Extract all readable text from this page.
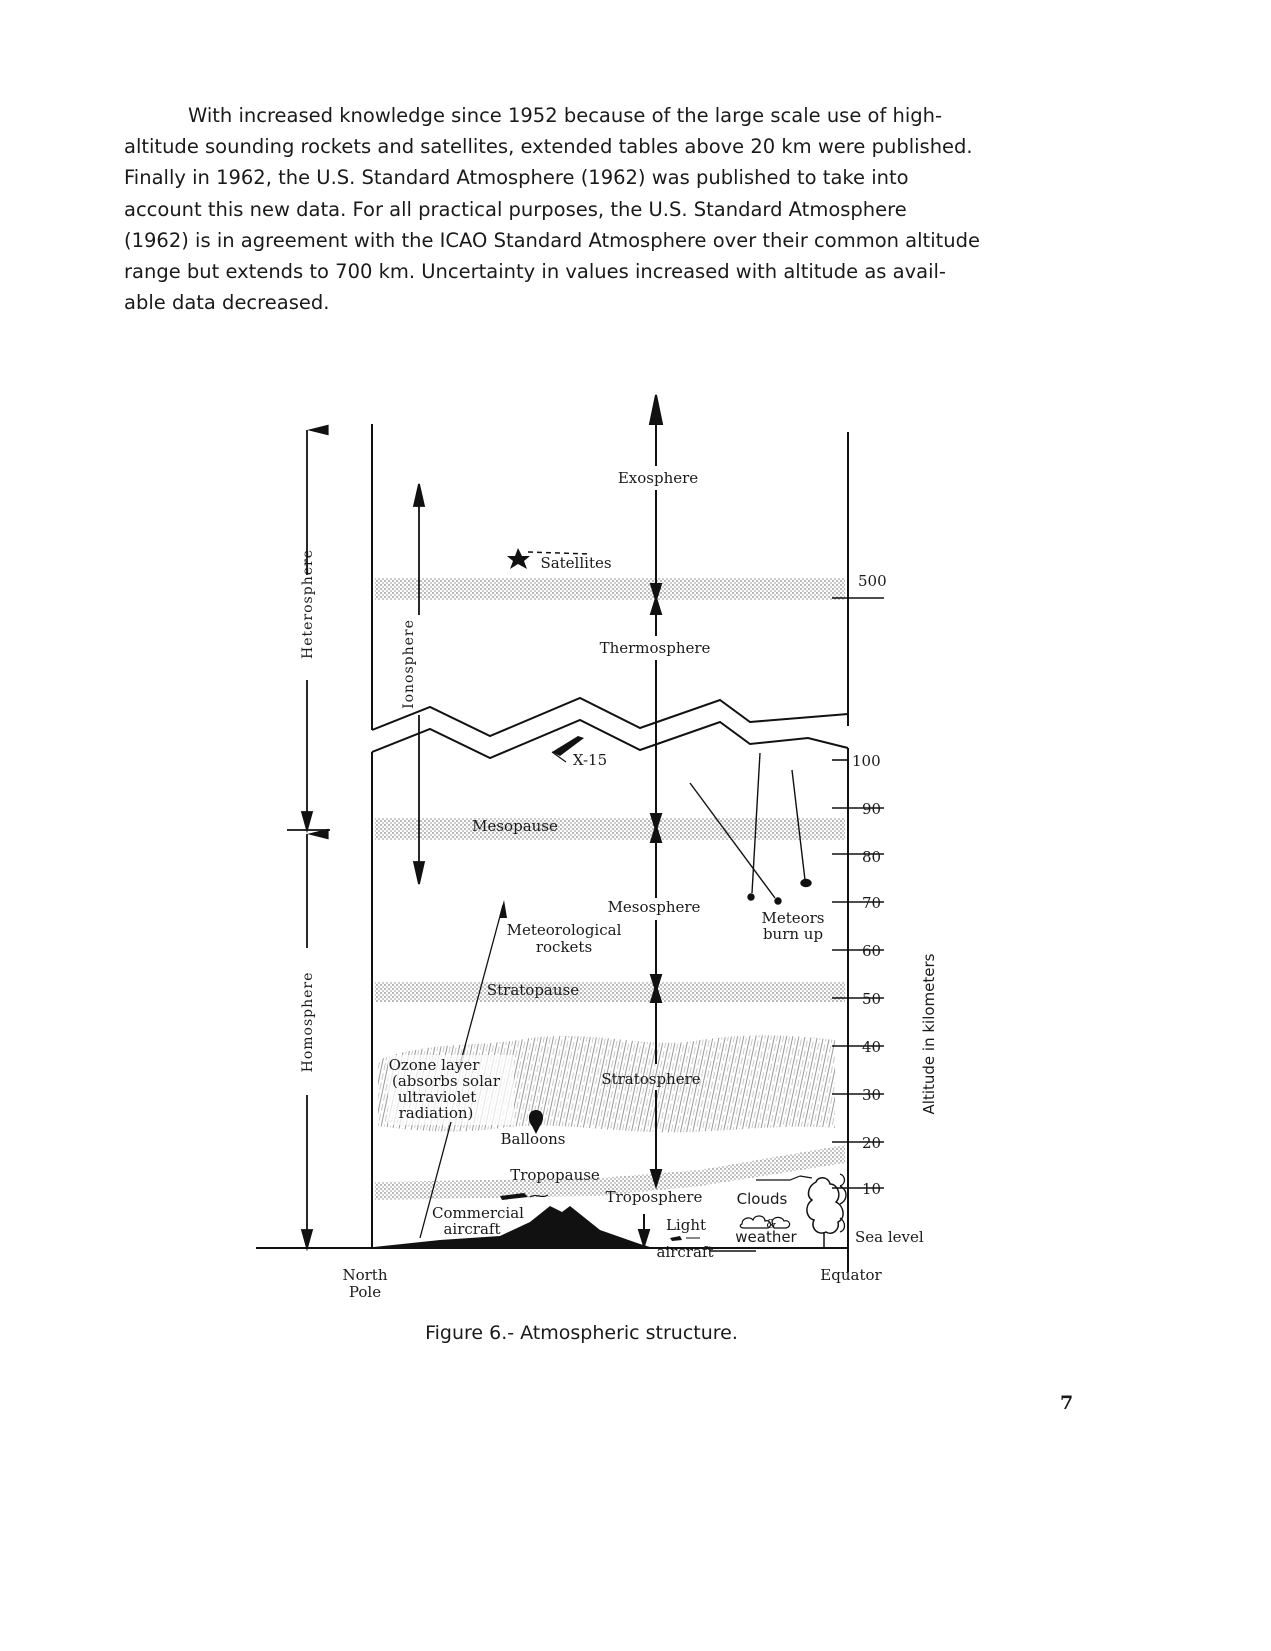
With increased knowledge since 1952 because of the large scale use of high-
altitude sounding rockets and satellites, extended tables above 20 km were published.
Finally in 1962, the U.S. Standard Atmosphere (1962) was published to take into
account this new data. For all practical purposes, the U.S. Standard Atmosphere
(1962) is in agreement with the ICAO Standard Atmosphere over their common altitude
range but extends to 700 km. Uncertainty in values increased with altitude as avail-
able data decreased.
Heterosphere
Homosphere
Ionosphere
Exosphere
Thermosphere
Mesopause
Mesosphere
Stratopause
Stratosphere
Tropopause
Troposphere
Satellites
X-15
Meteors
burn up
Meteorological
rockets
Ozone layer
(absorbs solar
ultraviolet
radiation)
Balloons
Commercial
aircraft	Light
aircraft
&
Clouds
weather
500
100
90
80
70
60
50
40
30
20
10
Sea level
Altitude in kilometers
North
Pole
Equator
Figure 6.- Atmospheric structure.
7
